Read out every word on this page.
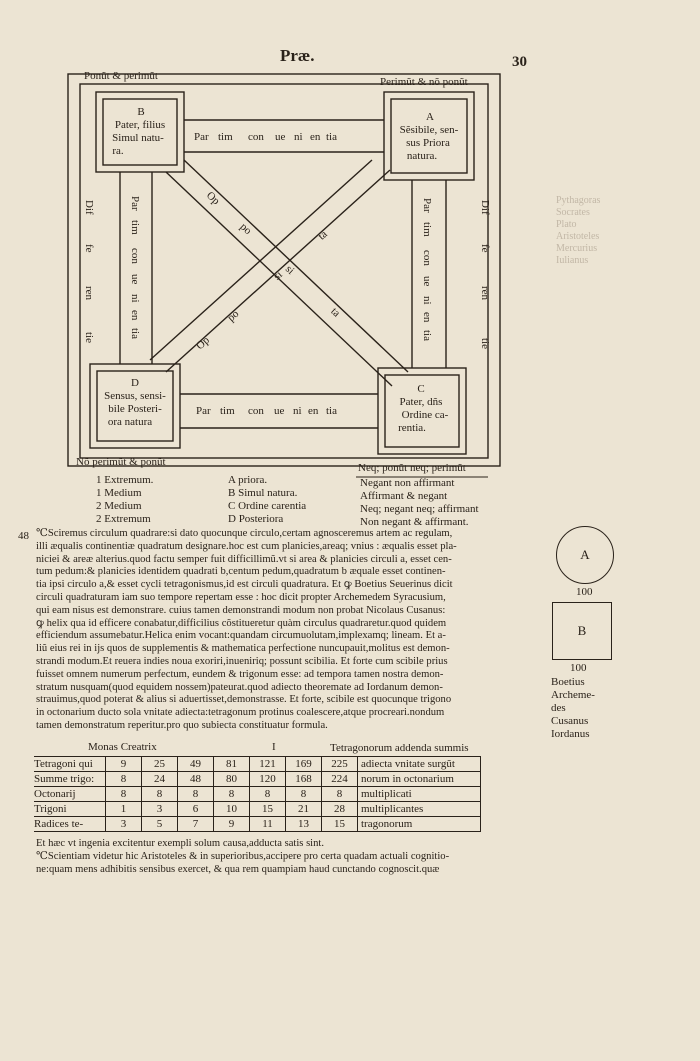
Præ.	30
Pythagoras
Socrates
Plato
Aristoteles
Mercurius
Iulianus
Ponũt & perimũt	Perimũt & nõ ponũt
Nõ perimũt & ponũt	Neq; ponũt neq; perimũt
B
Pater, filius
Simul natu-
ra.
A
Sẽsibile, sen-
sus Priora
natura.
D
Sensus, sensi-
bile Posteri-
ora natura
C
Pater, dñs
Ordine ca-
rentia.
Par tim con ue ni en tia
Par tim con ue ni en tia
Par
tim
con
ue
ni
en
tia
Par
tim
con
ue
ni
en
tia
Dif
fe
ren
tie
Dif
fe
ren
tie
Op
po
si
ta
Op
po
si
ta
1 Extremum.
1 Medium
2 Medium
2 Extremum
A priora.
B Simul natura.
C Ordine carentia
D Posteriora
Negant non affirmant
Affirmant & negant
Neq; negant neq; affirmant
Non negant & affirmant.
48 ℃Sciremus circulum quadrare:si dato quocunque circulo,certam agnosceremus artem ac regulam,
illi æqualis continentiæ quadratum designare.hoc est cum planicies,areaq; vnius : æqualis esset pla-
niciei & areæ alterius.quod factu semper fuit difficillimũ.vt si area & planicies circuli a, esset cen-
tum pedum:& planicies identidem quadrati b,centum pedum,quadratum b æquale esset continen-
tia ipsi circulo a,& esset cycli tetragonismus,id est circuli quadratura. Et ꝙ Boetius Seuerinus dicit
circuli quadraturam iam suo tempore repertam esse : hoc dicit propter Archemedem Syracusium,
qui eam nisus est demonstrare. cuius tamen demonstrandi modum non probat Nicolaus Cusanus:
ꝙ helix qua id efficere conabatur,difficilius cõstitueretur quàm circulus quadraretur.quod quidem
efficiendum assumebatur.Helica enim vocant:quandam circumuolutam,implexamq; lineam. Et a-
liũ eius rei in ijs quos de supplementis & mathematica perfectione nuncupauit,molitus est demon-
strandi modum.Et reuera indies noua exoriri,inueniriq; possunt scibilia. Et forte cum scibile prius
fuisset omnem numerum perfectum, eundem & trigonum esse: ad tempora tamen nostra demon-
stratum nusquam(quod equidem nossem)pateurat.quod adiecto theoremate ad Iordanum demon-
strauimus,quod poterat & alius si aduertisset,demonstrasse. Et forte, scibile est quocunque trigono
in octonarium ducto sola vnitate adiecta:tetragonum protinus coalescere,atque procreari.nondum
tamen demonstratum reperitur.pro quo subiecta constituatur formula.
A
100
B
100
Boetius
Archeme-
des
Cusanus
Iordanus
Monas Creatrix	I	Tetragonorum addenda summis
Tetragoni qui	9	25	49	81	121	169	225	adiecta vnitate surgũt
Summe trigo:	8	24	48	80	120	168	224	norum in octonarium
Octonarij	8	8	8	8	8	8	8	multiplicati
Trigoni	1	3	6	10	15	21	28	multiplicantes
Radices te-	3	5	7	9	11	13	15	tragonorum
Et hæc vt ingenia excitentur exempli solum causa,adducta satis sint.
℃Scientiam videtur hic Aristoteles & in superioribus,accipere pro certa quadam actuali cognitio-
ne:quam mens adhibitis sensibus exercet, & qua rem quampiam haud cunctando cognoscit.quæ
